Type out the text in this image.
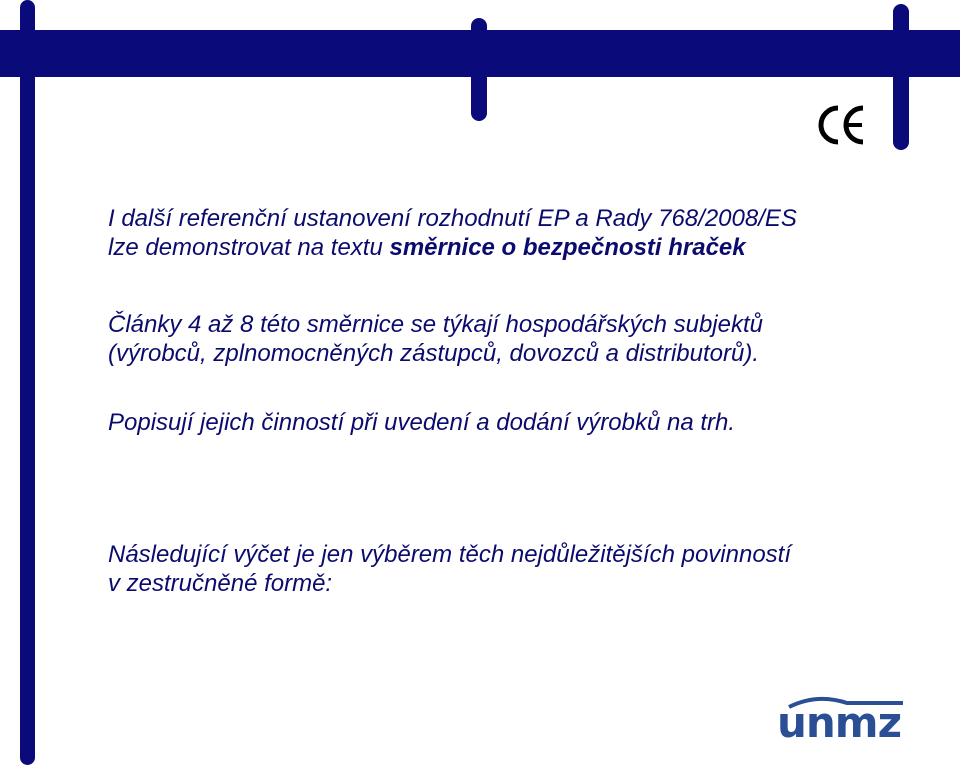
I další referenční ustanovení rozhodnutí EP a Rady 768/2008/ES

lze demonstrovat na textu směrnice o bezpečnosti hraček

Články 4 až 8 této směrnice se týkají hospodářských subjektů

(výrobců, zplnomocněných zástupců, dovozců a distributorů).

Popisují jejich činností při uvedení a dodání výrobků na trh.

Následující výčet je jen výběrem těch nejdůležitějších povinností

v zestručněné formě:

unmz
